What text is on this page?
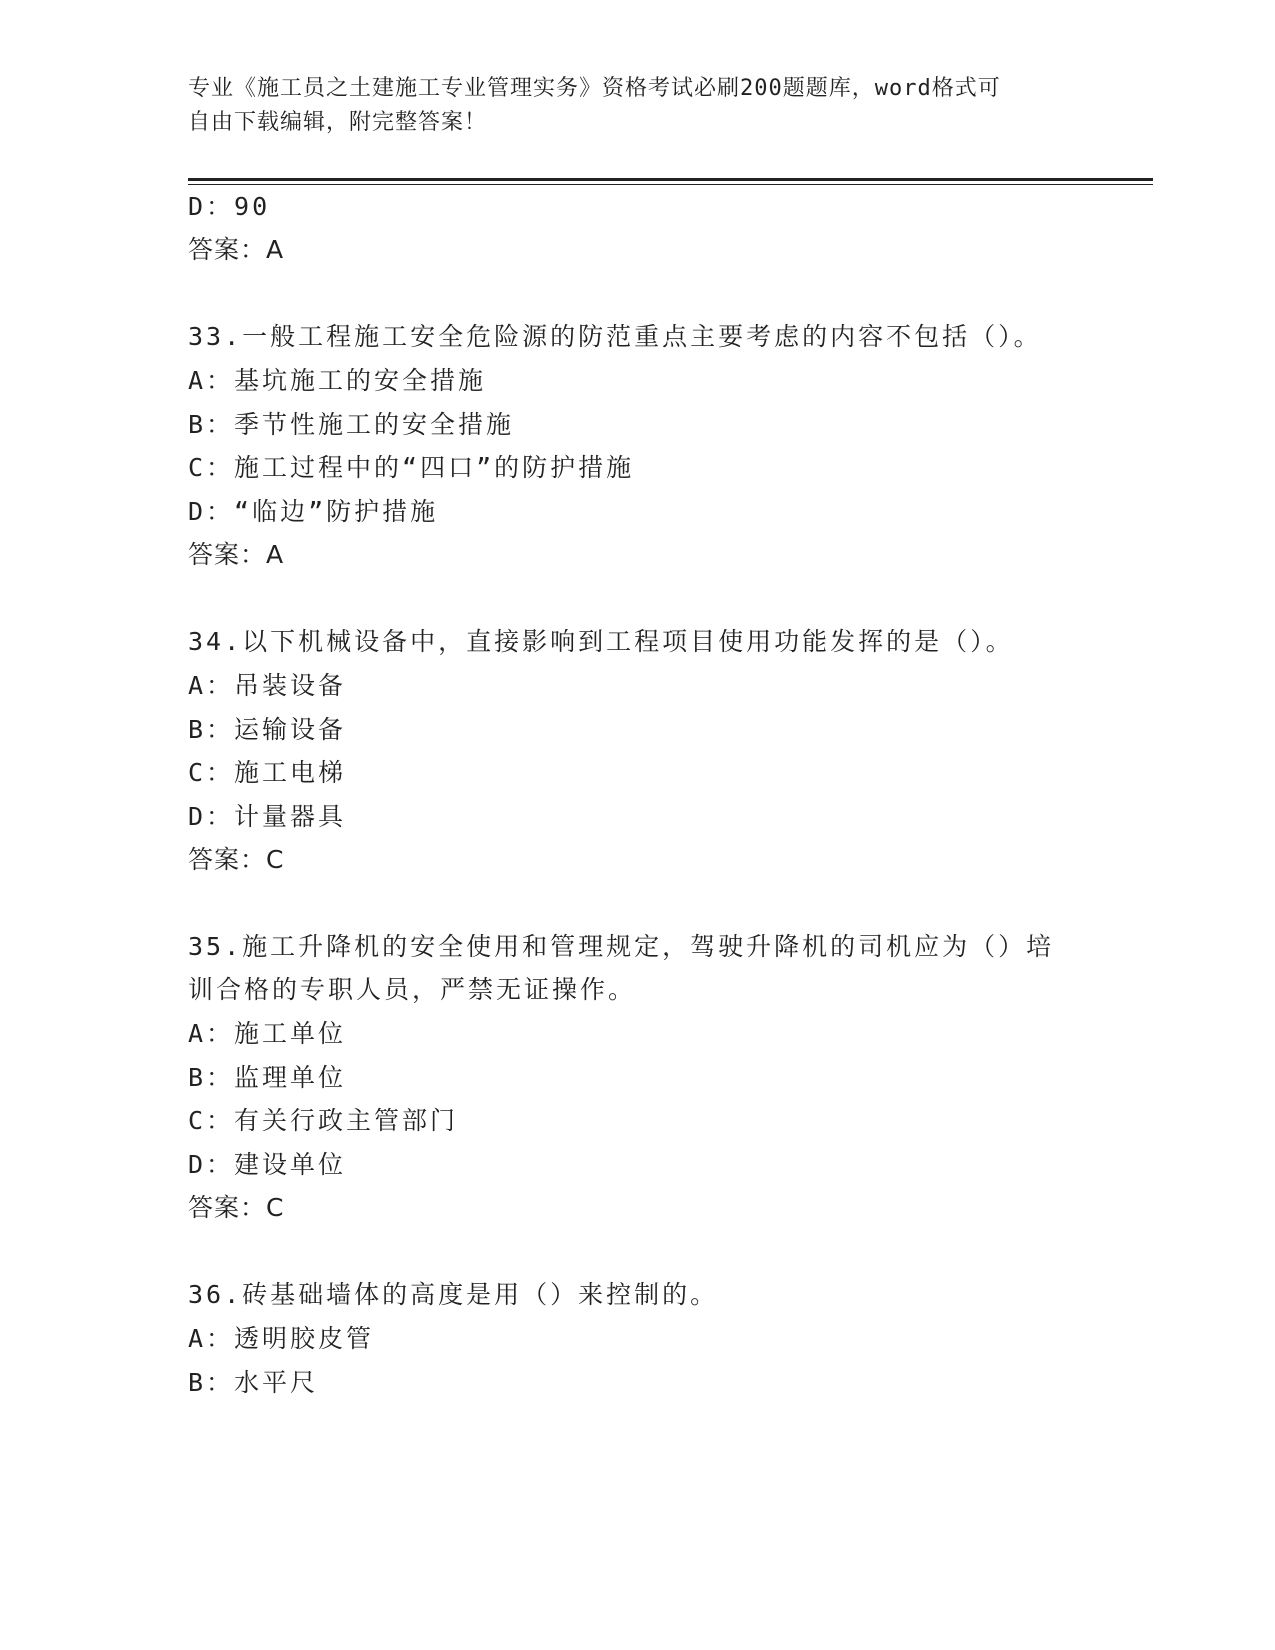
专业《施工员之土建施工专业管理实务》资格考试必刷200题题库，word格式可
自由下载编辑，附完整答案！
D：90
答案：A
33.一般工程施工安全危险源的防范重点主要考虑的内容不包括（）。
A：基坑施工的安全措施
B：季节性施工的安全措施
C：施工过程中的“四口”的防护措施
D：“临边”防护措施
答案：A
34.以下机械设备中，直接影响到工程项目使用功能发挥的是（）。
A：吊装设备
B：运输设备
C：施工电梯
D：计量器具
答案：C
35.施工升降机的安全使用和管理规定，驾驶升降机的司机应为（）培
训合格的专职人员，严禁无证操作。
A：施工单位
B：监理单位
C：有关行政主管部门
D：建设单位
答案：C
36.砖基础墙体的高度是用（）来控制的。
A：透明胶皮管
B：水平尺
